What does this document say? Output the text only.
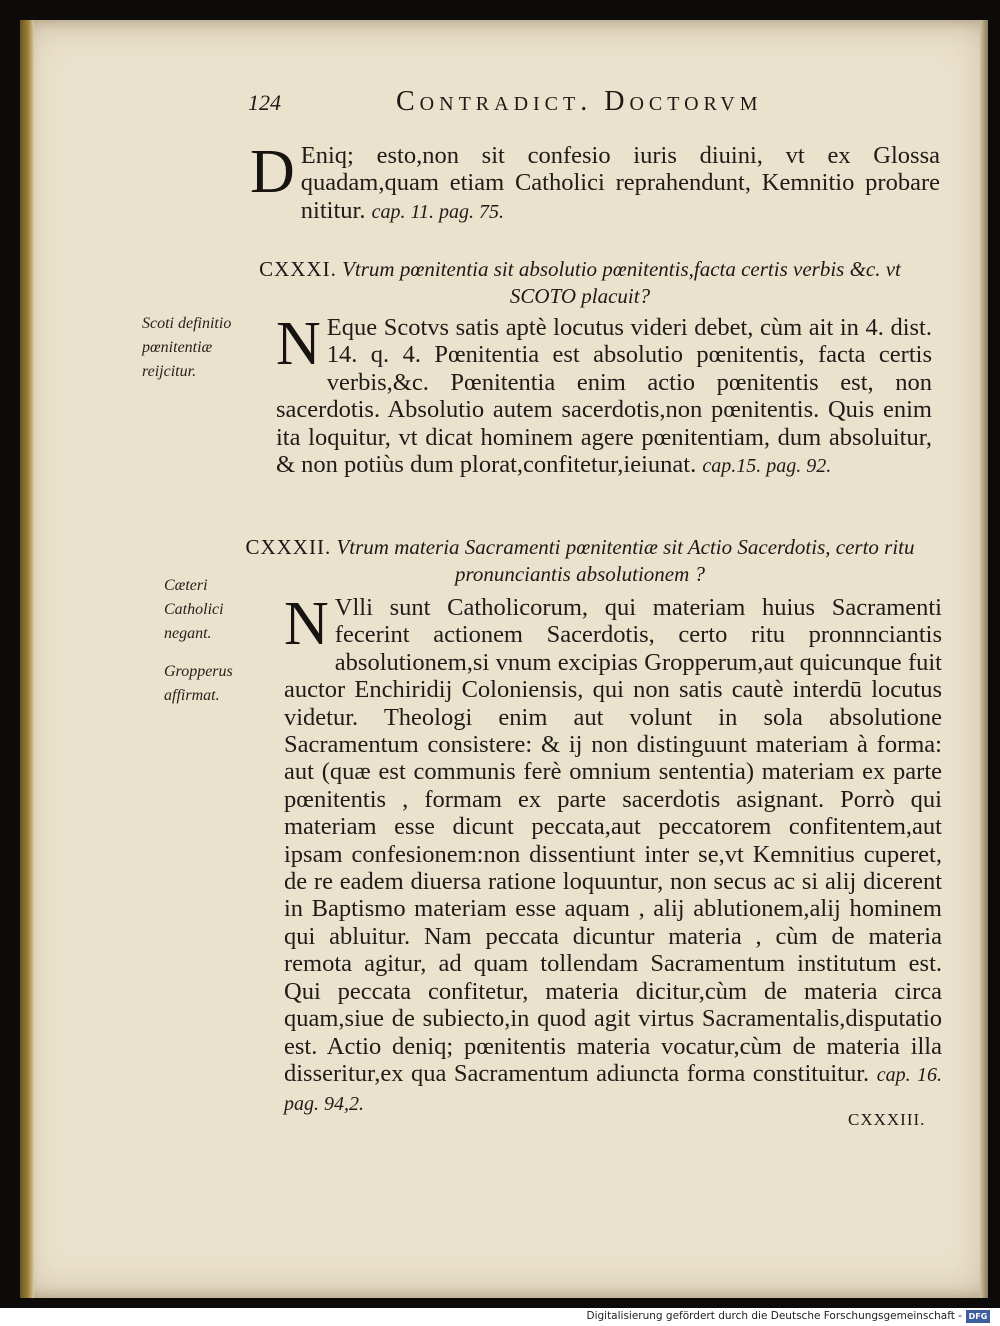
124	Contradict. Doctorvm
D Eniq; esto,non sit confesio iuris diuini, vt ex Glossa quadam,quam etiam Catholici reprahendunt, Kemnitio probare nititur. cap. 11. pag. 75.
CXXXI. Vtrum pœnitentia sit absolutio pœnitentis,facta certis verbis &c. vt SCOTO placuit?
Scoti definitio pœnitentiæ reijcitur.	N Eque Scotvs satis aptè locutus videri debet, cùm ait in 4. dist. 14. q. 4. Pœnitentia est absolutio pœnitentis, facta certis verbis,&c. Pœnitentia enim actio pœnitentis est, non sacerdotis. Absolutio autem sacerdotis,non pœnitentis. Quis enim ita loquitur, vt dicat hominem agere pœnitentiam, dum absoluitur, & non potiùs dum plorat,confitetur,ieiunat. cap.15. pag. 92.
CXXXII. Vtrum materia Sacramenti pœnitentiæ sit Actio Sacerdotis, certo ritu pronunciantis absolutionem ?
Cæteri Catholici negant.
Gropperus affirmat.
N Vlli sunt Catholicorum, qui materiam huius Sacramenti fecerint actionem Sacerdotis, certo ritu pronnnciantis absolutionem,si vnum excipias Gropperum,aut quicunque fuit auctor Enchiridij Coloniensis, qui non satis cautè interdū locutus videtur. Theologi enim aut volunt in sola absolutione Sacramentum consistere: & ij non distinguunt materiam à forma: aut (quæ est communis ferè omnium sententia) materiam ex parte pœnitentis , formam ex parte sacerdotis asignant. Porrò qui materiam esse dicunt peccata,aut peccatorem confitentem,aut ipsam confesionem:non dissentiunt inter se,vt Kemnitius cuperet, de re eadem diuersa ratione loquuntur, non secus ac si alij dicerent in Baptismo materiam esse aquam , alij ablutionem,alij hominem qui abluitur. Nam peccata dicuntur materia , cùm de materia remota agitur, ad quam tollendam Sacramentum institutum est. Qui peccata confitetur, materia dicitur,cùm de materia circa quam,siue de subiecto,in quod agit virtus Sacramentalis,disputatio est. Actio deniq; pœnitentis materia vocatur,cùm de materia illa disseritur,ex qua Sacramentum adiuncta forma constituitur. cap. 16. pag. 94,2.
CXXXIII.
Digitalisierung gefördert durch die Deutsche Forschungsgemeinschaft - DFG
